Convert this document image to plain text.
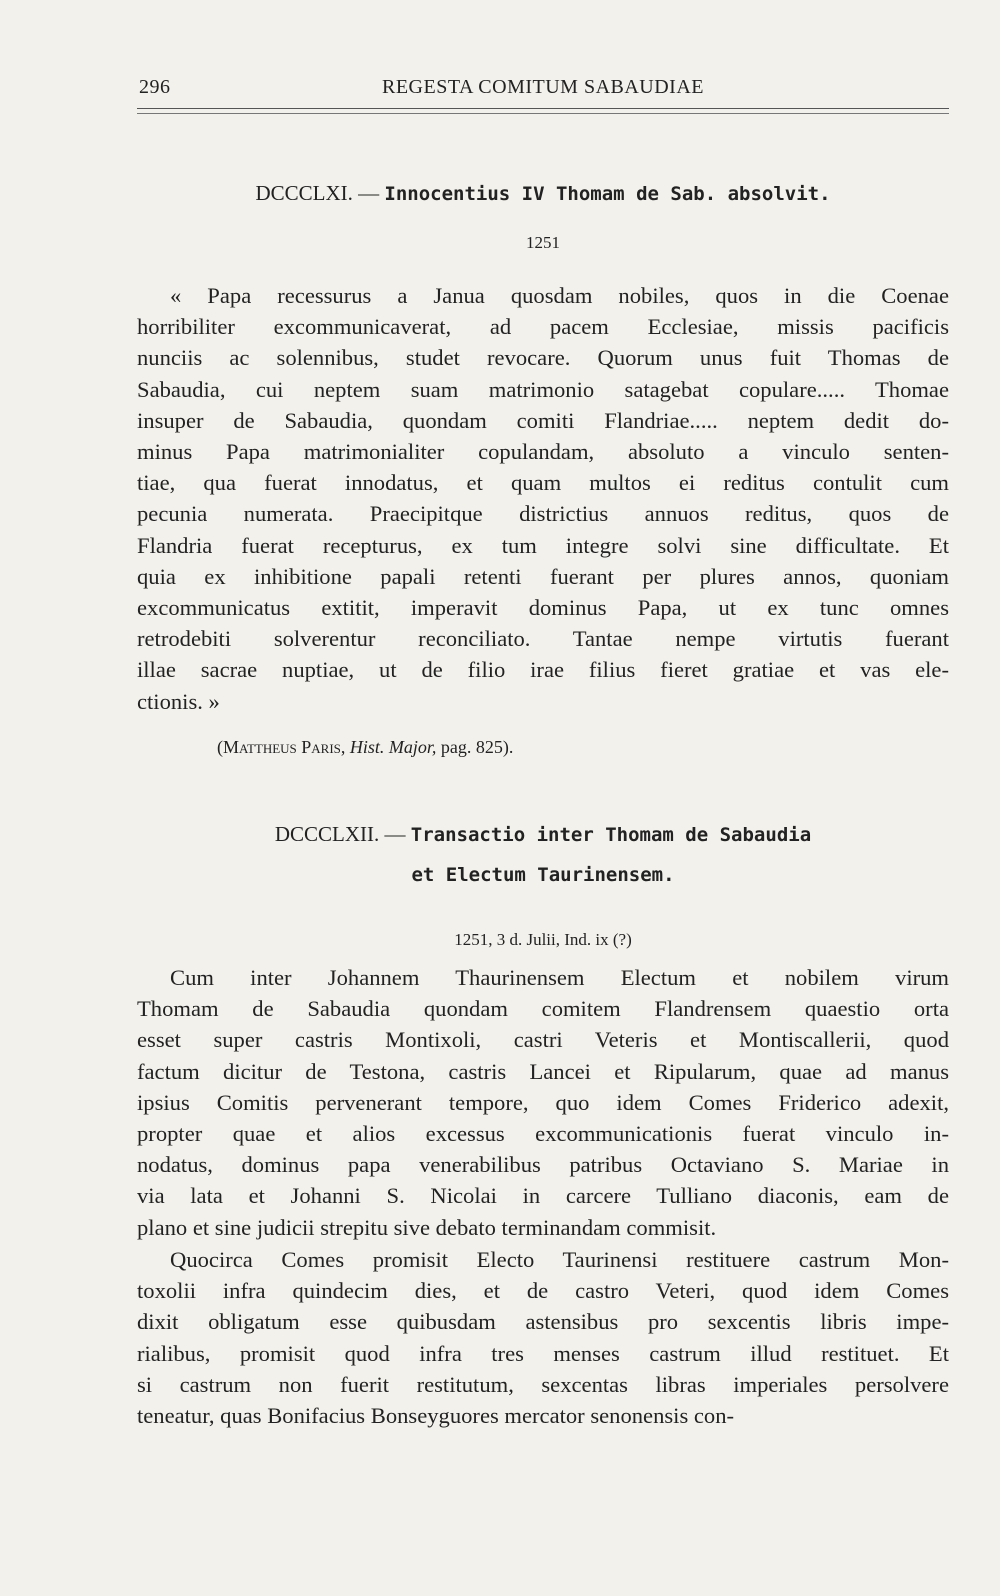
296	REGESTA COMITUM SABAUDIAE
DCCCLXI. — Innocentius IV Thomam de Sab. absolvit.
1251
« Papa recessurus a Janua quosdam nobiles, quos in die Coenae
horribiliter excommunicaverat, ad pacem Ecclesiae, missis pacificis
nunciis ac solennibus, studet revocare. Quorum unus fuit Thomas de
Sabaudia, cui neptem suam matrimonio satagebat copulare..... Thomae
insuper de Sabaudia, quondam comiti Flandriae..... neptem dedit do-
minus Papa matrimonialiter copulandam, absoluto a vinculo senten-
tiae, qua fuerat innodatus, et quam multos ei reditus contulit cum
pecunia numerata. Praecipitque districtius annuos reditus, quos de
Flandria fuerat recepturus, ex tum integre solvi sine difficultate. Et
quia ex inhibitione papali retenti fuerant per plures annos, quoniam
excommunicatus extitit, imperavit dominus Papa, ut ex tunc omnes
retrodebiti solverentur reconciliato. Tantae nempe virtutis fuerant
illae sacrae nuptiae, ut de filio irae filius fieret gratiae et vas ele-
ctionis. »
(Mattheus Paris, Hist. Major, pag. 825).
DCCCLXII. — Transactio inter Thomam de Sabaudia
et Electum Taurinensem.
1251, 3 d. Julii, Ind. ix (?)
Cum inter Johannem Thaurinensem Electum et nobilem virum
Thomam de Sabaudia quondam comitem Flandrensem quaestio orta
esset super castris Montixoli, castri Veteris et Montiscallerii, quod
factum dicitur de Testona, castris Lancei et Ripularum, quae ad manus
ipsius Comitis pervenerant tempore, quo idem Comes Friderico adexit,
propter quae et alios excessus excommunicationis fuerat vinculo in-
nodatus, dominus papa venerabilibus patribus Octaviano S. Mariae in
via lata et Johanni S. Nicolai in carcere Tulliano diaconis, eam de
plano et sine judicii strepitu sive debato terminandam commisit.
Quocirca Comes promisit Electo Taurinensi restituere castrum Mon-
toxolii infra quindecim dies, et de castro Veteri, quod idem Comes
dixit obligatum esse quibusdam astensibus pro sexcentis libris impe-
rialibus, promisit quod infra tres menses castrum illud restituet. Et
si castrum non fuerit restitutum, sexcentas libras imperiales persolvere
teneatur, quas Bonifacius Bonseyguores mercator senonensis con-
